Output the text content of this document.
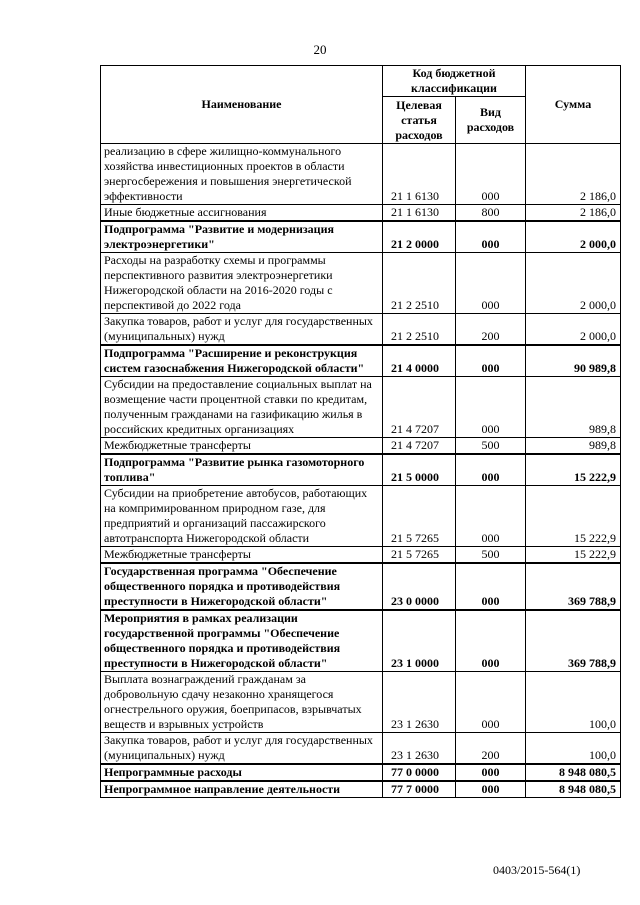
20
Наименование	Код бюджетной классификации		Сумма
	Целевая статья расходов	Вид расходов	
реализацию в сфере жилищно-коммунального хозяйства инвестиционных проектов в области энергосбережения и повышения энергетической эффективности	21 1 6130	000	2 186,0
Иные бюджетные ассигнования	21 1 6130	800	2 186,0
Подпрограмма "Развитие и модернизация электроэнергетики"	21 2 0000	000	2 000,0
Расходы на разработку схемы и программы перспективного развития электроэнергетики Нижегородской области на 2016-2020 годы с перспективой до 2022 года	21 2 2510	000	2 000,0
Закупка товаров, работ и услуг для государственных (муниципальных) нужд	21 2 2510	200	2 000,0
Подпрограмма "Расширение и реконструкция систем газоснабжения Нижегородской области"	21 4 0000	000	90 989,8
Субсидии на предоставление социальных выплат на возмещение части процентной ставки по кредитам, полученным гражданами на газификацию жилья в российских кредитных организациях	21 4 7207	000	989,8
Межбюджетные трансферты	21 4 7207	500	989,8
Подпрограмма "Развитие рынка газомоторного топлива"	21 5 0000	000	15 222,9
Субсидии на приобретение автобусов, работающих на компримированном природном газе, для предприятий и организаций пассажирского автотранспорта Нижегородской области	21 5 7265	000	15 222,9
Межбюджетные трансферты	21 5 7265	500	15 222,9
Государственная программа "Обеспечение общественного порядка и противодействия преступности в Нижегородской области"	23 0 0000	000	369 788,9
Мероприятия в рамках реализации государственной программы "Обеспечение общественного порядка и противодействия преступности в Нижегородской области"	23 1 0000	000	369 788,9
Выплата вознаграждений гражданам за добровольную сдачу незаконно хранящегося огнестрельного оружия, боеприпасов, взрывчатых веществ и взрывных устройств	23 1 2630	000	100,0
Закупка товаров, работ и услуг для государственных (муниципальных) нужд	23 1 2630	200	100,0
Непрограммные расходы	77 0 0000	000	8 948 080,5
Непрограммное направление деятельности	77 7 0000	000	8 948 080,5
0403/2015-564(1)
